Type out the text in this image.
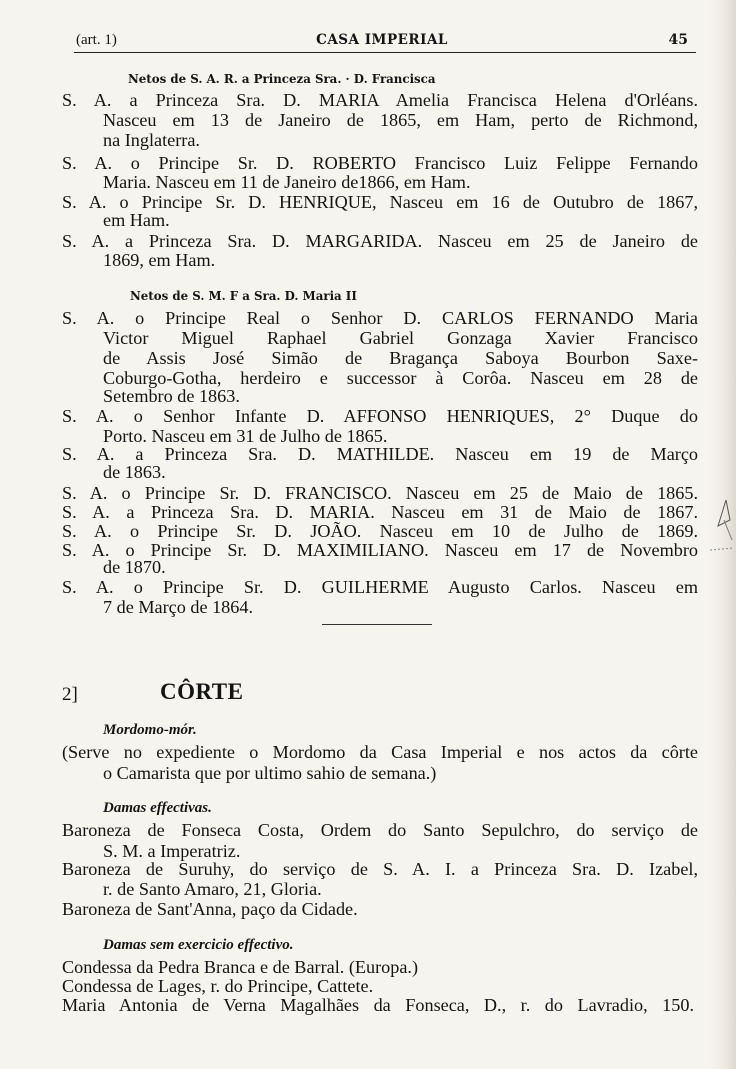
(art. 1)	CASA IMPERIAL	45
Netos de S. A. R. a Princeza Sra. · D. Francisca
S. A. a Princeza Sra. D. MARIA Amelia Francisca Helena d'Orléans.
Nasceu em 13 de Janeiro de 1865, em Ham, perto de Richmond,
na Inglaterra.
S. A. o Principe Sr. D. ROBERTO Francisco Luiz Felippe Fernando
Maria. Nasceu em 11 de Janeiro de1866, em Ham.
S. A. o Principe Sr. D. HENRIQUE, Nasceu em 16 de Outubro de 1867,
em Ham.
S. A. a Princeza Sra. D. MARGARIDA. Nasceu em 25 de Janeiro de
1869, em Ham.
Netos de S. M. F a Sra. D. Maria II
S. A. o Principe Real o Senhor D. CARLOS FERNANDO Maria
Victor Miguel Raphael Gabriel Gonzaga Xavier Francisco
de Assis José Simão de Bragança Saboya Bourbon Saxe-
Coburgo-Gotha, herdeiro e successor à Corôa. Nasceu em 28 de
Setembro de 1863.
S. A. o Senhor Infante D. AFFONSO HENRIQUES, 2° Duque do
Porto. Nasceu em 31 de Julho de 1865.
S. A. a Princeza Sra. D. MATHILDE. Nasceu em 19 de Março
de 1863.
S. A. o Principe Sr. D. FRANCISCO. Nasceu em 25 de Maio de 1865.
S. A. a Princeza Sra. D. MARIA. Nasceu em 31 de Maio de 1867.
S. A. o Principe Sr. D. JOÃO. Nasceu em 10 de Julho de 1869.
S. A. o Principe Sr. D. MAXIMILIANO. Nasceu em 17 de Novembro
de 1870.
S. A. o Principe Sr. D. GUILHERME Augusto Carlos. Nasceu em
7 de Março de 1864.
2]	CÔRTE
Mordomo-mór.
(Serve no expediente o Mordomo da Casa Imperial e nos actos da côrte
o Camarista que por ultimo sahio de semana.)
Damas effectivas.
Baroneza de Fonseca Costa, Ordem do Santo Sepulchro, do serviço de
S. M. a Imperatriz.
Baroneza de Suruhy, do serviço de S. A. I. a Princeza Sra. D. Izabel,
r. de Santo Amaro, 21, Gloria.
Baroneza de Sant'Anna, paço da Cidade.
Damas sem exercicio effectivo.
Condessa da Pedra Branca e de Barral. (Europa.)
Condessa de Lages, r. do Principe, Cattete.
Maria Antonia de Verna Magalhães da Fonseca, D., r. do Lavradio, 150.
